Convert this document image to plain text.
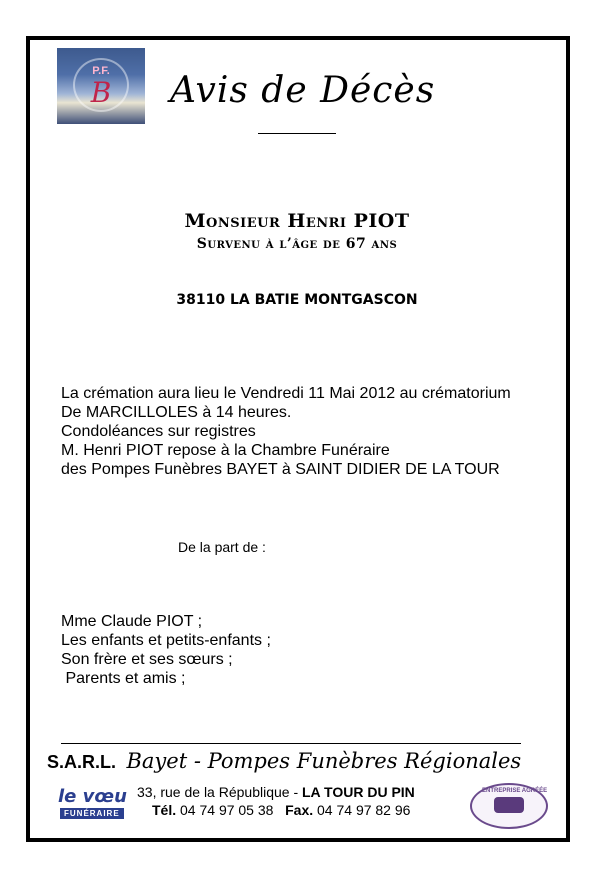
P.F.
B	Avis de Décès
Monsieur Henri PIOT
Survenu à l’âge de 67 ans
38110 LA BATIE MONTGASCON
La crémation aura lieu le Vendredi 11 Mai 2012 au crématorium
De MARCILLOLES à 14 heures.
Condoléances sur registres
M. Henri PIOT repose à la Chambre Funéraire
des Pompes Funèbres BAYET à SAINT DIDIER DE LA TOUR
De la part de :
Mme Claude PIOT ;
Les enfants et petits-enfants ;
Son frère et ses sœurs ;
Parents et amis ;
S.A.R.L. Bayet - Pompes Funèbres Régionales
33, rue de la République - LA TOUR DU PIN
Tél. 04 74 97 05 38   Fax. 04 74 97 82 96
le vœu
FUNÉRAIRE
ENTREPRISE AGRÉÉE
